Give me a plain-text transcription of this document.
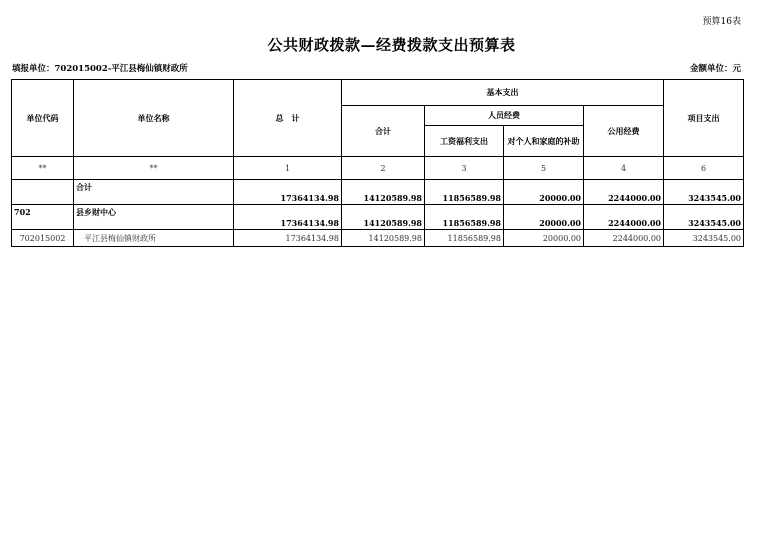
预算16表
公共财政拨款—经费拨款支出预算表
填报单位：702015002-平江县梅仙镇财政所	金额单位：元
单位代码	单位名称	总　计	基本支出				项目支出
			合计	人员经费		公用经费	
				工资福利支出	对个人和家庭的补助		
**	**	1	2	3	5	4	6
	合计	17364134.98	14120589.98	11856589.98	20000.00	2244000.00	3243545.00
702	县乡财中心	17364134.98	14120589.98	11856589.98	20000.00	2244000.00	3243545.00
702015002	平江县梅仙镇财政所	17364134.98	14120589.98	11856589.98	20000.00	2244000.00	3243545.00
